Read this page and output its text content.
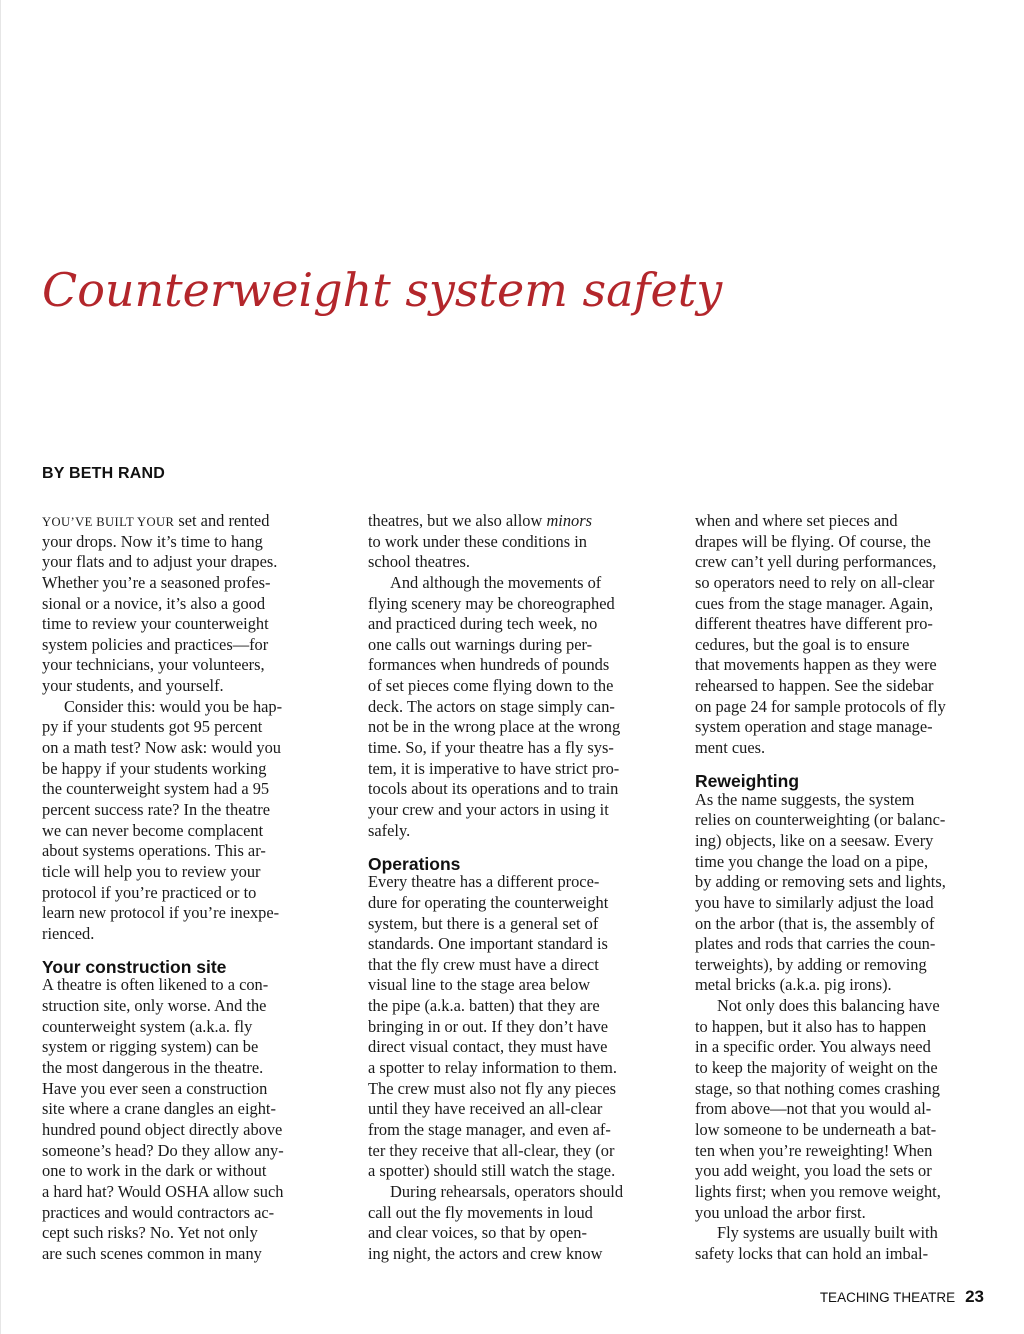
Counterweight system safety
BY BETH RAND
YOU’VE BUILT YOUR set and rented
your drops. Now it’s time to hang
your flats and to adjust your drapes.
Whether you’re a seasoned profes-
sional or a novice, it’s also a good
time to review your counterweight
system policies and practices—for
your technicians, your volunteers,
your students, and yourself.
Consider this: would you be hap-
py if your students got 95 percent
on a math test? Now ask: would you
be happy if your students working
the counterweight system had a 95
percent success rate? In the theatre
we can never become complacent
about systems operations. This ar-
ticle will help you to review your
protocol if you’re practiced or to
learn new protocol if you’re inexpe-
rienced.
Your construction site
A theatre is often likened to a con-
struction site, only worse. And the
counterweight system (a.k.a. fly
system or rigging system) can be
the most dangerous in the theatre.
Have you ever seen a construction
site where a crane dangles an eight-
hundred pound object directly above
someone’s head? Do they allow any-
one to work in the dark or without
a hard hat? Would OSHA allow such
practices and would contractors ac-
cept such risks? No. Yet not only
are such scenes common in many
theatres, but we also allow minors
to work under these conditions in
school theatres.
And although the movements of
flying scenery may be choreographed
and practiced during tech week, no
one calls out warnings during per-
formances when hundreds of pounds
of set pieces come flying down to the
deck. The actors on stage simply can-
not be in the wrong place at the wrong
time. So, if your theatre has a fly sys-
tem, it is imperative to have strict pro-
tocols about its operations and to train
your crew and your actors in using it
safely.
Operations
Every theatre has a different proce-
dure for operating the counterweight
system, but there is a general set of
standards. One important standard is
that the fly crew must have a direct
visual line to the stage area below
the pipe (a.k.a. batten) that they are
bringing in or out. If they don’t have
direct visual contact, they must have
a spotter to relay information to them.
The crew must also not fly any pieces
until they have received an all-clear
from the stage manager, and even af-
ter they receive that all-clear, they (or
a spotter) should still watch the stage.
During rehearsals, operators should
call out the fly movements in loud
and clear voices, so that by open-
ing night, the actors and crew know
when and where set pieces and
drapes will be flying. Of course, the
crew can’t yell during performances,
so operators need to rely on all-clear
cues from the stage manager. Again,
different theatres have different pro-
cedures, but the goal is to ensure
that movements happen as they were
rehearsed to happen. See the sidebar
on page 24 for sample protocols of fly
system operation and stage manage-
ment cues.
Reweighting
As the name suggests, the system
relies on counterweighting (or balanc-
ing) objects, like on a seesaw. Every
time you change the load on a pipe,
by adding or removing sets and lights,
you have to similarly adjust the load
on the arbor (that is, the assembly of
plates and rods that carries the coun-
terweights), by adding or removing
metal bricks (a.k.a. pig irons).
Not only does this balancing have
to happen, but it also has to happen
in a specific order. You always need
to keep the majority of weight on the
stage, so that nothing comes crashing
from above—not that you would al-
low someone to be underneath a bat-
ten when you’re reweighting! When
you add weight, you load the sets or
lights first; when you remove weight,
you unload the arbor first.
Fly systems are usually built with
safety locks that can hold an imbal-
TEACHING THEATRE 23
